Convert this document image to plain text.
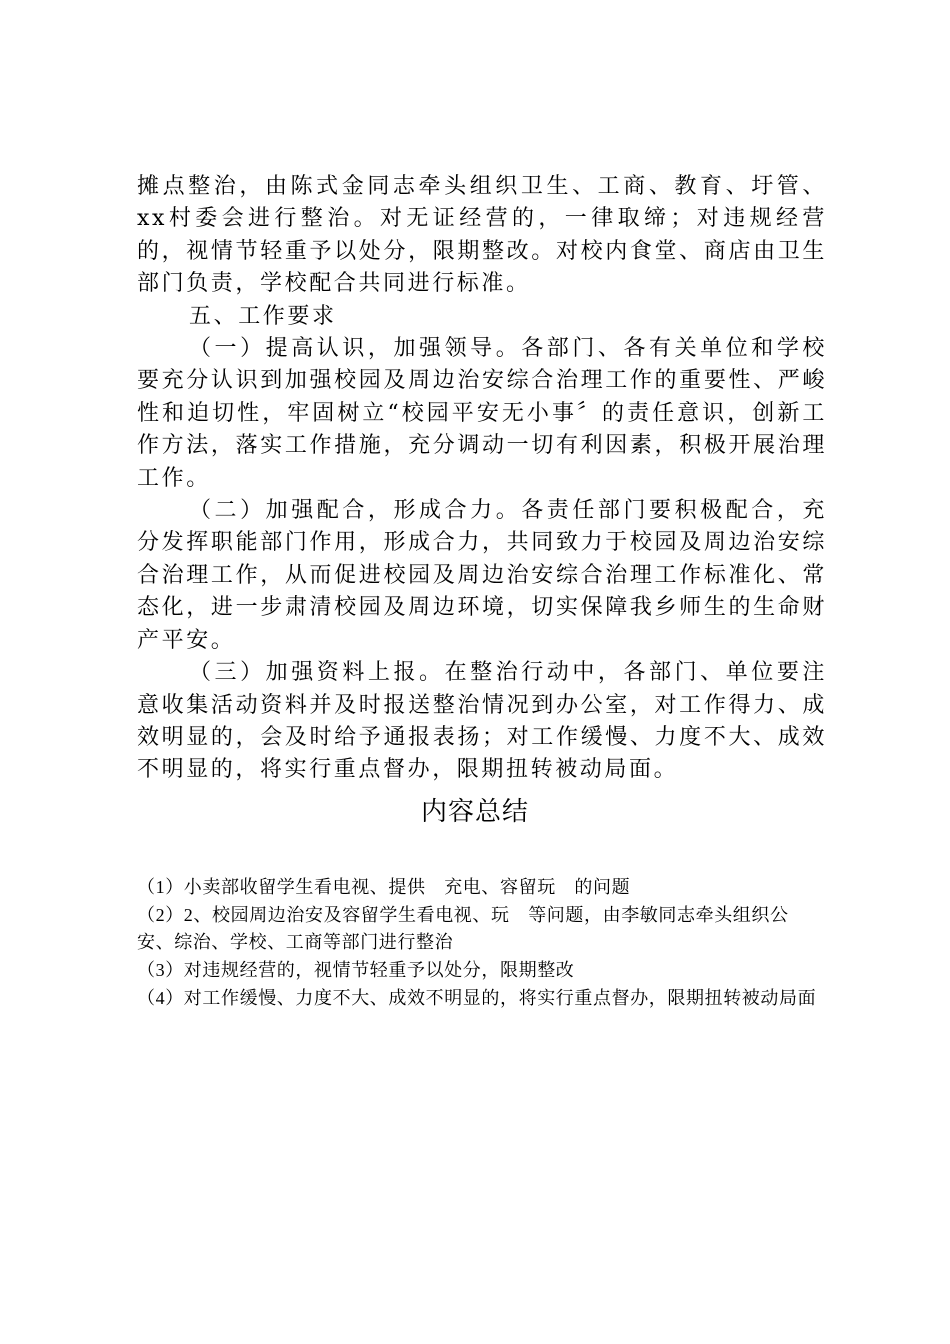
摊点整治，由陈式金同志牵头组织卫生、工商、教育、圩管、xx村委会进行整治。对无证经营的，一律取缔；对违规经营的，视情节轻重予以处分，限期整改。对校内食堂、商店由卫生部门负责，学校配合共同进行标准。

五、工作要求

（一）提高认识，加强领导。各部门、各有关单位和学校要充分认识到加强校园及周边治安综合治理工作的重要性、严峻性和迫切性，牢固树立“校园平安无小事〞的责任意识，创新工作方法，落实工作措施，充分调动一切有利因素，积极开展治理工作。

（二）加强配合，形成合力。各责任部门要积极配合，充分发挥职能部门作用，形成合力，共同致力于校园及周边治安综合治理工作，从而促进校园及周边治安综合治理工作标准化、常态化，进一步肃清校园及周边环境，切实保障我乡师生的生命财产平安。

（三）加强资料上报。在整治行动中，各部门、单位要注意收集活动资料并及时报送整治情况到办公室，对工作得力、成效明显的，会及时给予通报表扬；对工作缓慢、力度不大、成效不明显的，将实行重点督办，限期扭转被动局面。

内容总结
（1）小卖部收留学生看电视、提供　充电、容留玩　的问题
（2）2、校园周边治安及容留学生看电视、玩　等问题，由李敏同志牵头组织公安、综治、学校、工商等部门进行整治
（3）对违规经营的，视情节轻重予以处分，限期整改
（4）对工作缓慢、力度不大、成效不明显的，将实行重点督办，限期扭转被动局面
